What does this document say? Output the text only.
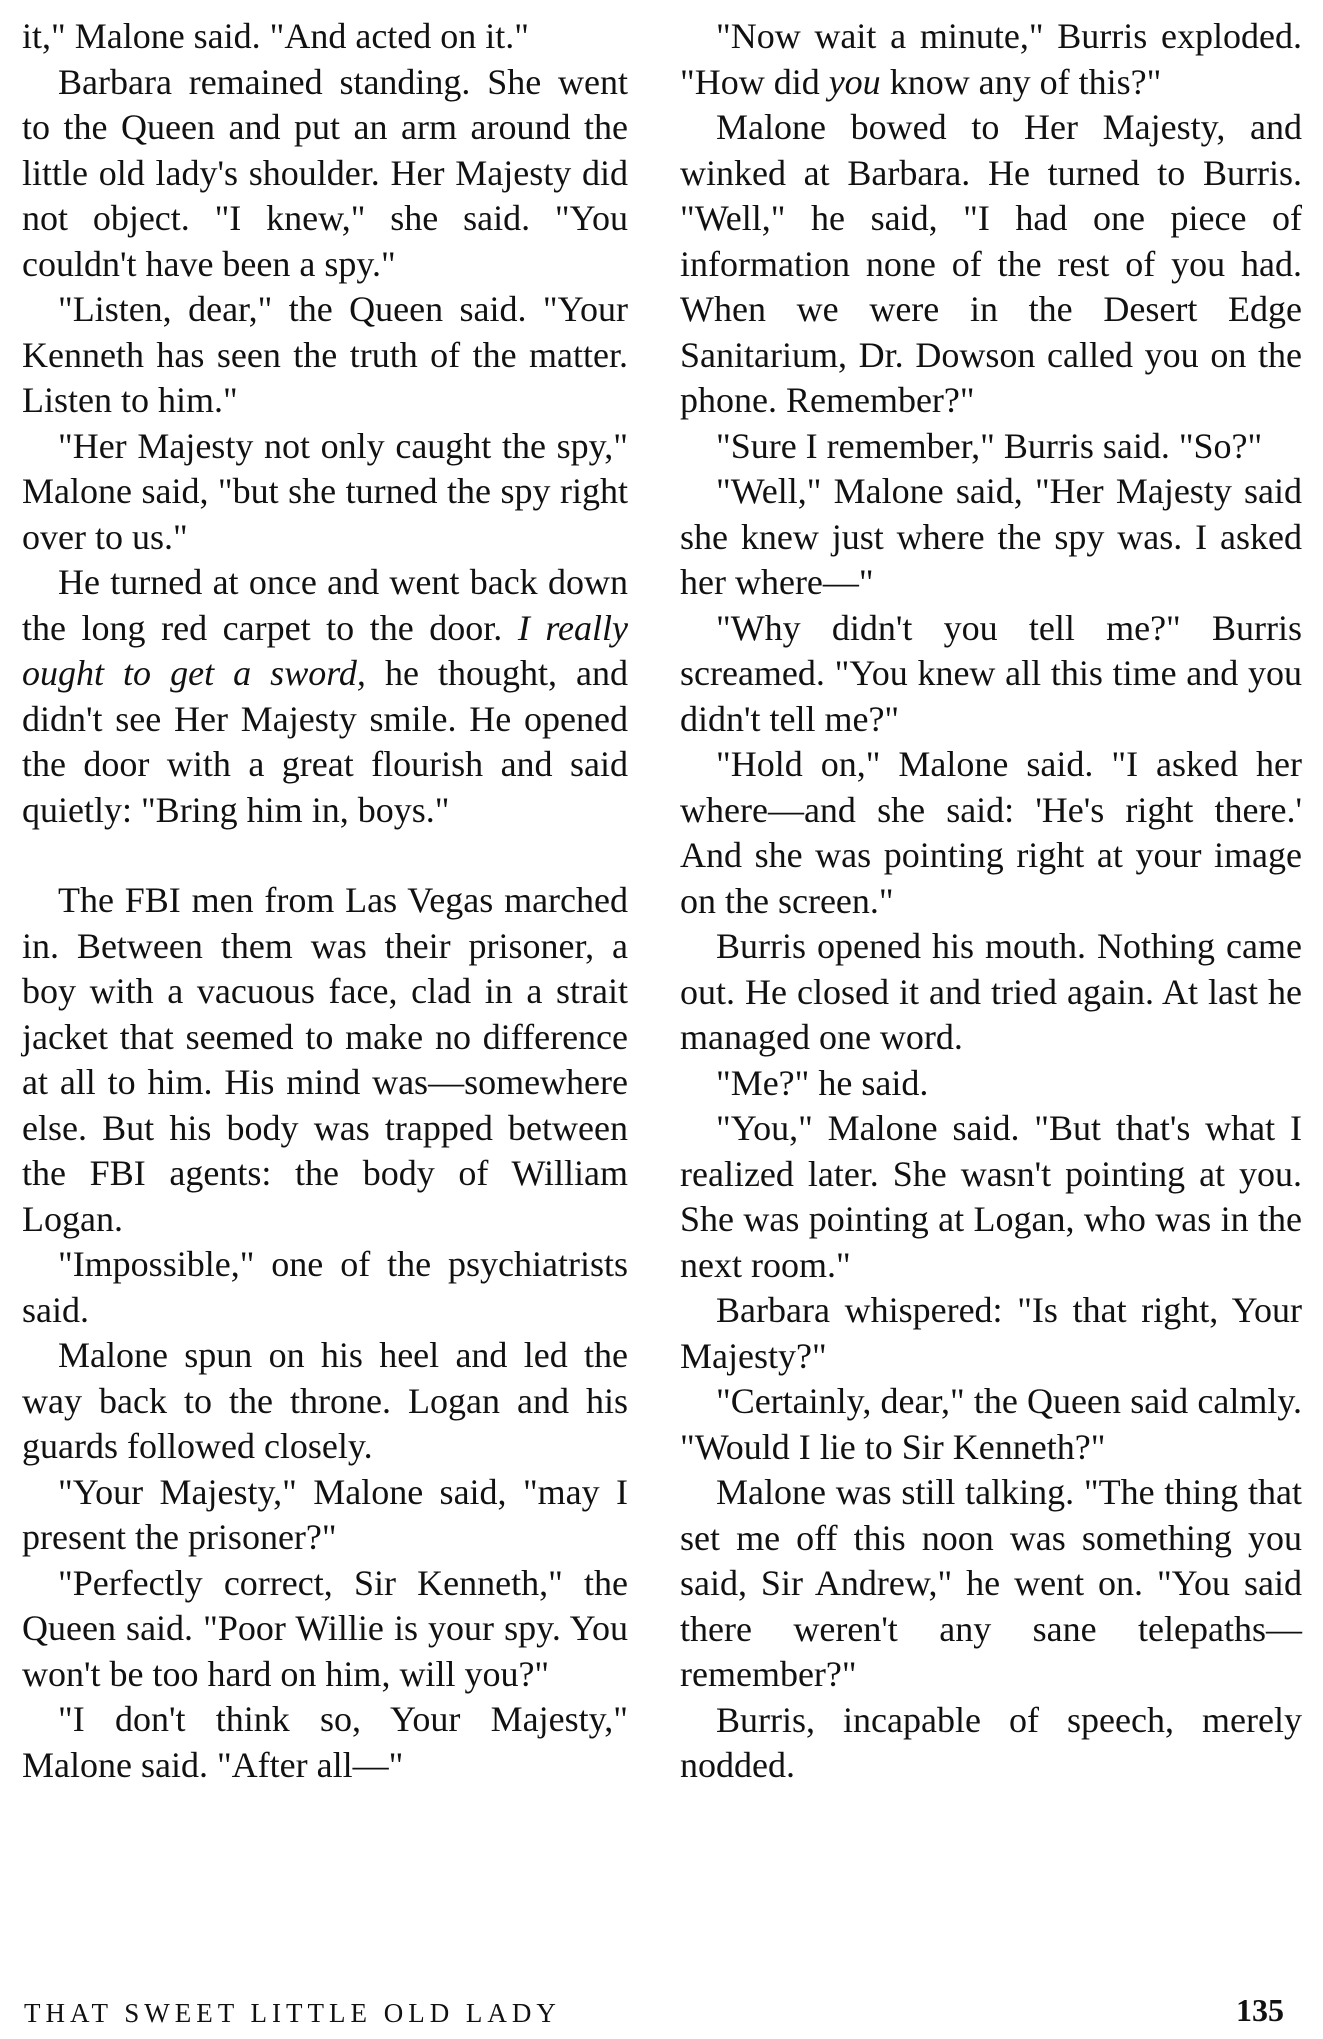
it," Malone said. "And acted on it."

Barbara remained standing. She went to the Queen and put an arm around the little old lady's shoulder. Her Majesty did not object. "I knew," she said. "You couldn't have been a spy."

"Listen, dear," the Queen said. "Your Kenneth has seen the truth of the matter. Listen to him."

"Her Majesty not only caught the spy," Malone said, "but she turned the spy right over to us."

He turned at once and went back down the long red carpet to the door. I really ought to get a sword, he thought, and didn't see Her Majesty smile. He opened the door with a great flourish and said quietly: "Bring him in, boys."

The FBI men from Las Vegas marched in. Between them was their prisoner, a boy with a vacuous face, clad in a strait jacket that seemed to make no difference at all to him. His mind was—somewhere else. But his body was trapped between the FBI agents: the body of William Logan.

"Impossible," one of the psychiatrists said.

Malone spun on his heel and led the way back to the throne. Logan and his guards followed closely.

"Your Majesty," Malone said, "may I present the prisoner?"

"Perfectly correct, Sir Kenneth," the Queen said. "Poor Willie is your spy. You won't be too hard on him, will you?"

"I don't think so, Your Majesty," Malone said. "After all—"

"Now wait a minute," Burris exploded. "How did you know any of this?"

Malone bowed to Her Majesty, and winked at Barbara. He turned to Burris. "Well," he said, "I had one piece of information none of the rest of you had. When we were in the Desert Edge Sanitarium, Dr. Dowson called you on the phone. Remember?"

"Sure I remember," Burris said. "So?"

"Well," Malone said, "Her Majesty said she knew just where the spy was. I asked her where—"

"Why didn't you tell me?" Burris screamed. "You knew all this time and you didn't tell me?"

"Hold on," Malone said. "I asked her where—and she said: 'He's right there.' And she was pointing right at your image on the screen."

Burris opened his mouth. Nothing came out. He closed it and tried again. At last he managed one word.

"Me?" he said.

"You," Malone said. "But that's what I realized later. She wasn't pointing at you. She was pointing at Logan, who was in the next room."

Barbara whispered: "Is that right, Your Majesty?"

"Certainly, dear," the Queen said calmly. "Would I lie to Sir Kenneth?"

Malone was still talking. "The thing that set me off this noon was something you said, Sir Andrew," he went on. "You said there weren't any sane telepaths—remember?"

Burris, incapable of speech, merely nodded.

THAT SWEET LITTLE OLD LADY	135
